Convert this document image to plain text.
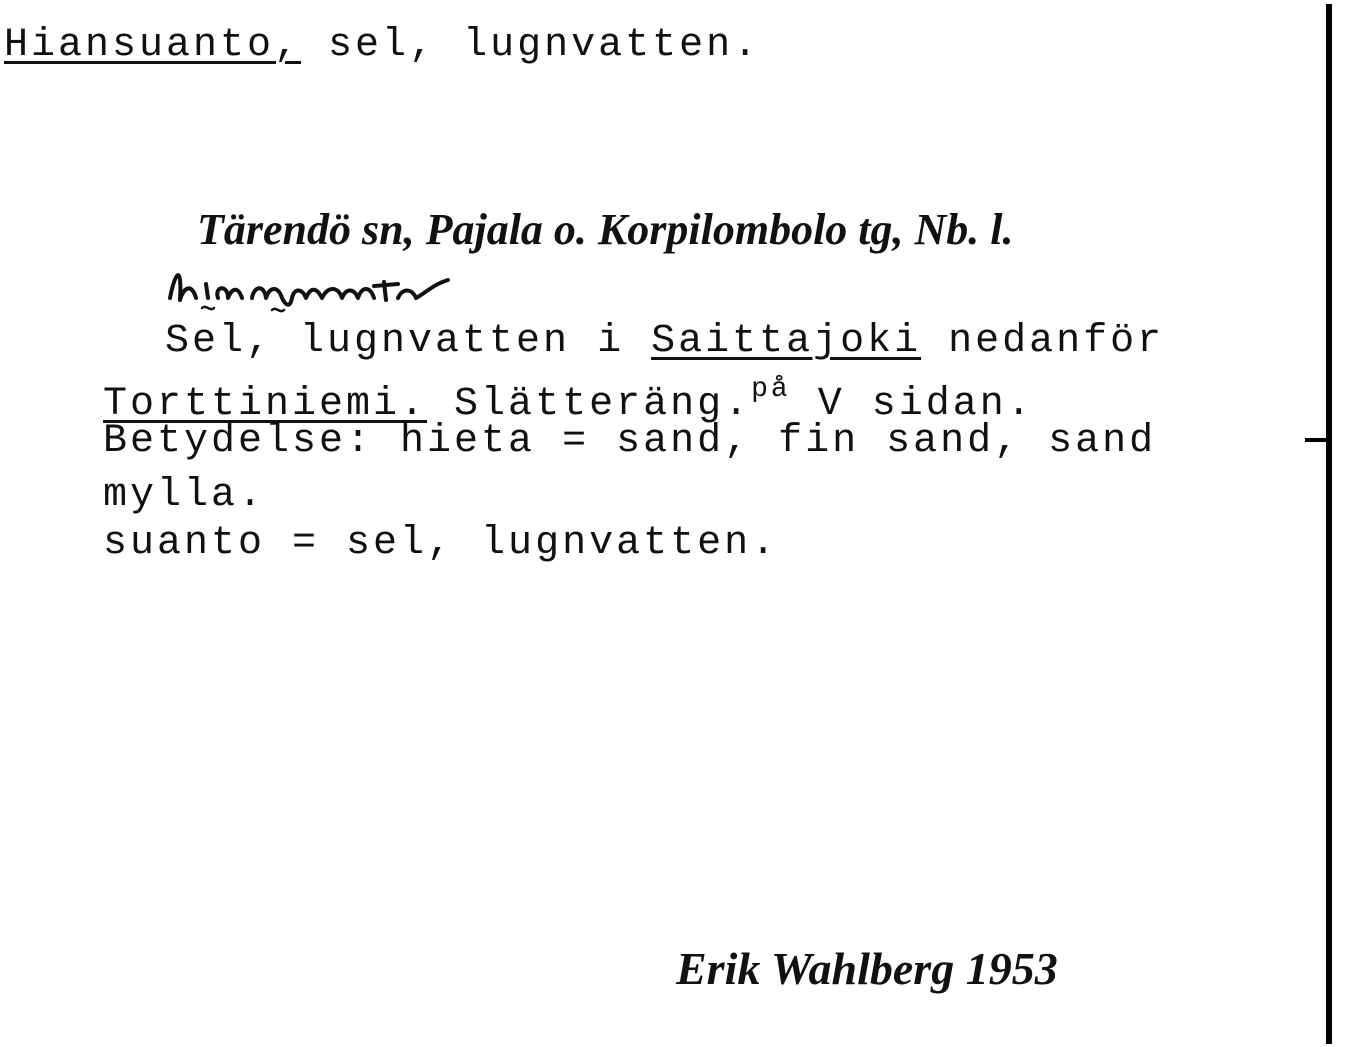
Hiansuanto, sel, lugnvatten.
Tärendö sn, Pajala o. Korpilombolo tg, Nb. l.
Sel, lugnvatten i Saittajoki nedanför
Torttiniemi. Slätteräng.$^{på}$ V sidan.
Betydelse: hieta = sand, fin sand, sand
mylla.
suanto = sel, lugnvatten.
Erik Wahlberg 1953
